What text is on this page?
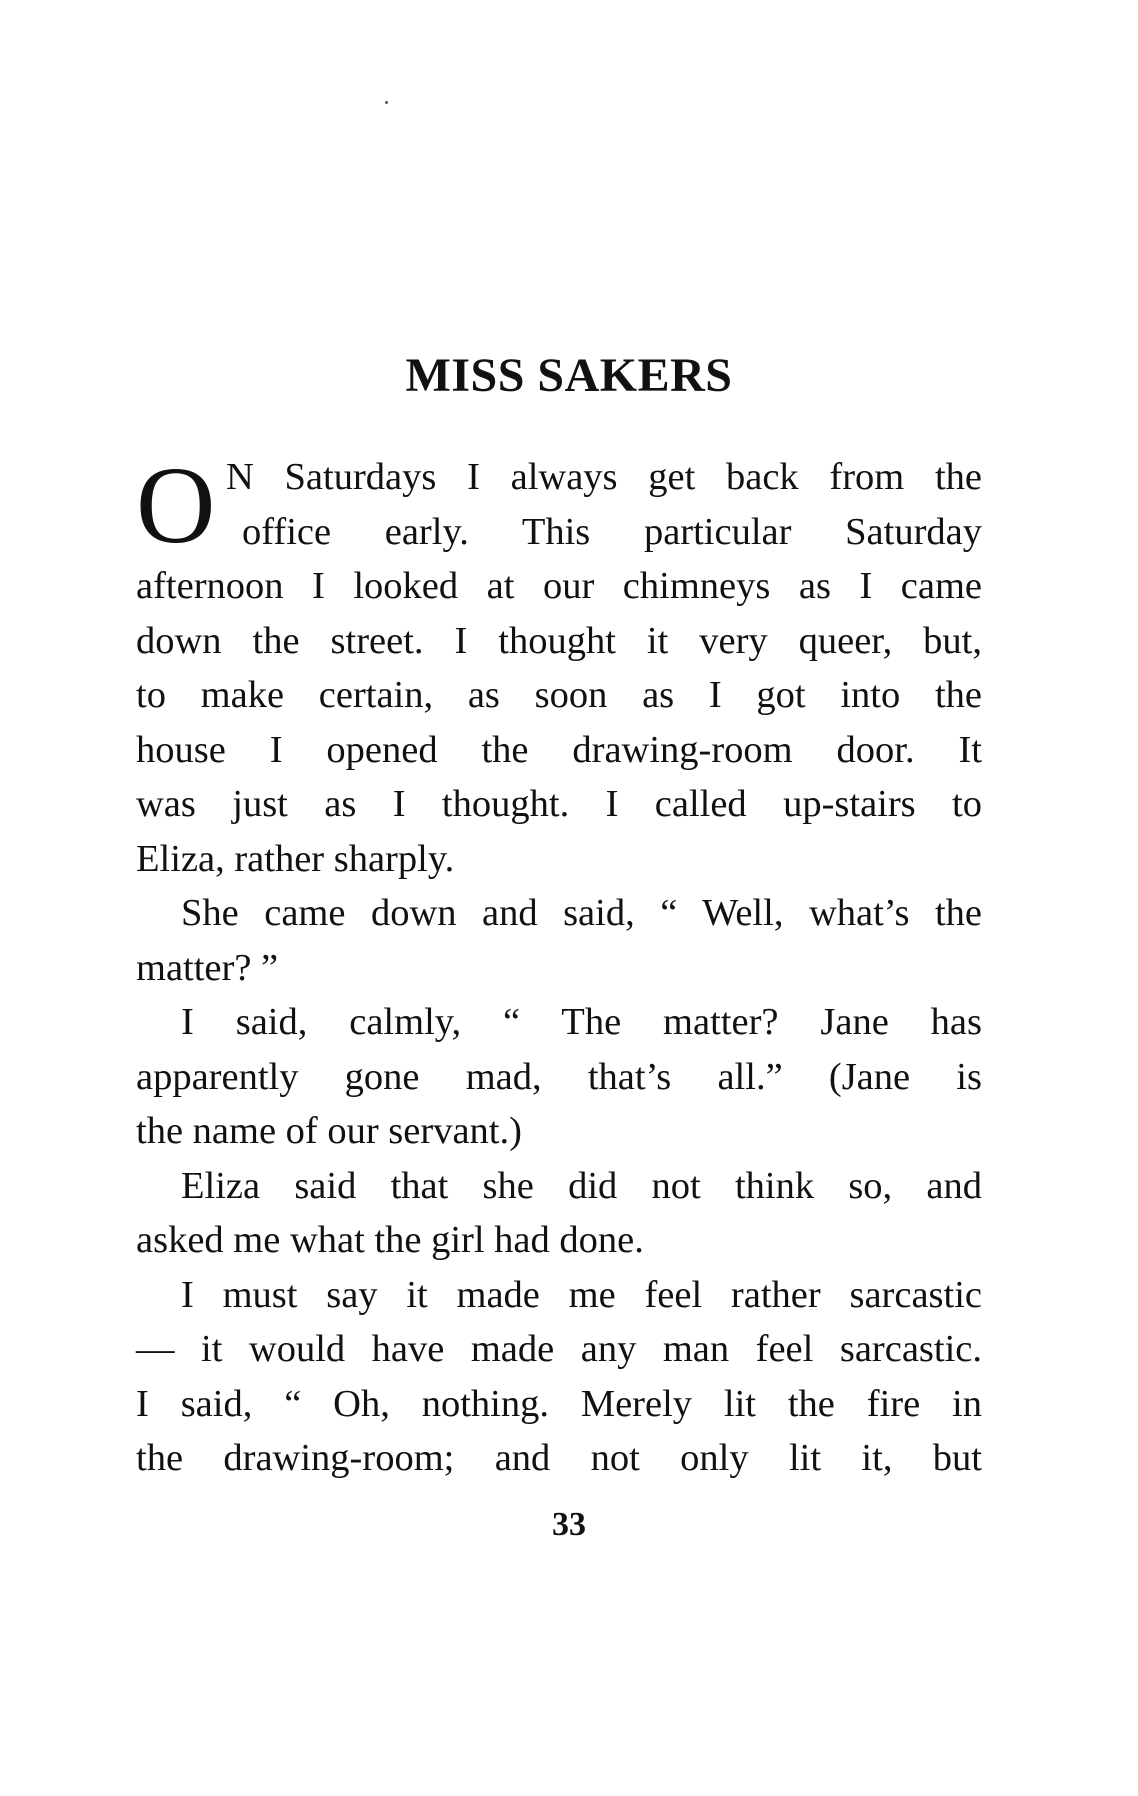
MISS SAKERS
O N Saturdays I always get back from the
office early. This particular Saturday
afternoon I looked at our chimneys as I came
down the street. I thought it very queer, but,
to make certain, as soon as I got into the
house I opened the drawing-room door. It
was just as I thought. I called up-stairs to
Eliza, rather sharply.
She came down and said, “ Well, what’s the
matter? ”
I said, calmly, “ The matter? Jane has
apparently gone mad, that’s all.” (Jane is
the name of our servant.)
Eliza said that she did not think so, and
asked me what the girl had done.
I must say it made me feel rather sarcastic
— it would have made any man feel sarcastic.
I said, “ Oh, nothing. Merely lit the fire in
the drawing-room; and not only lit it, but
33
